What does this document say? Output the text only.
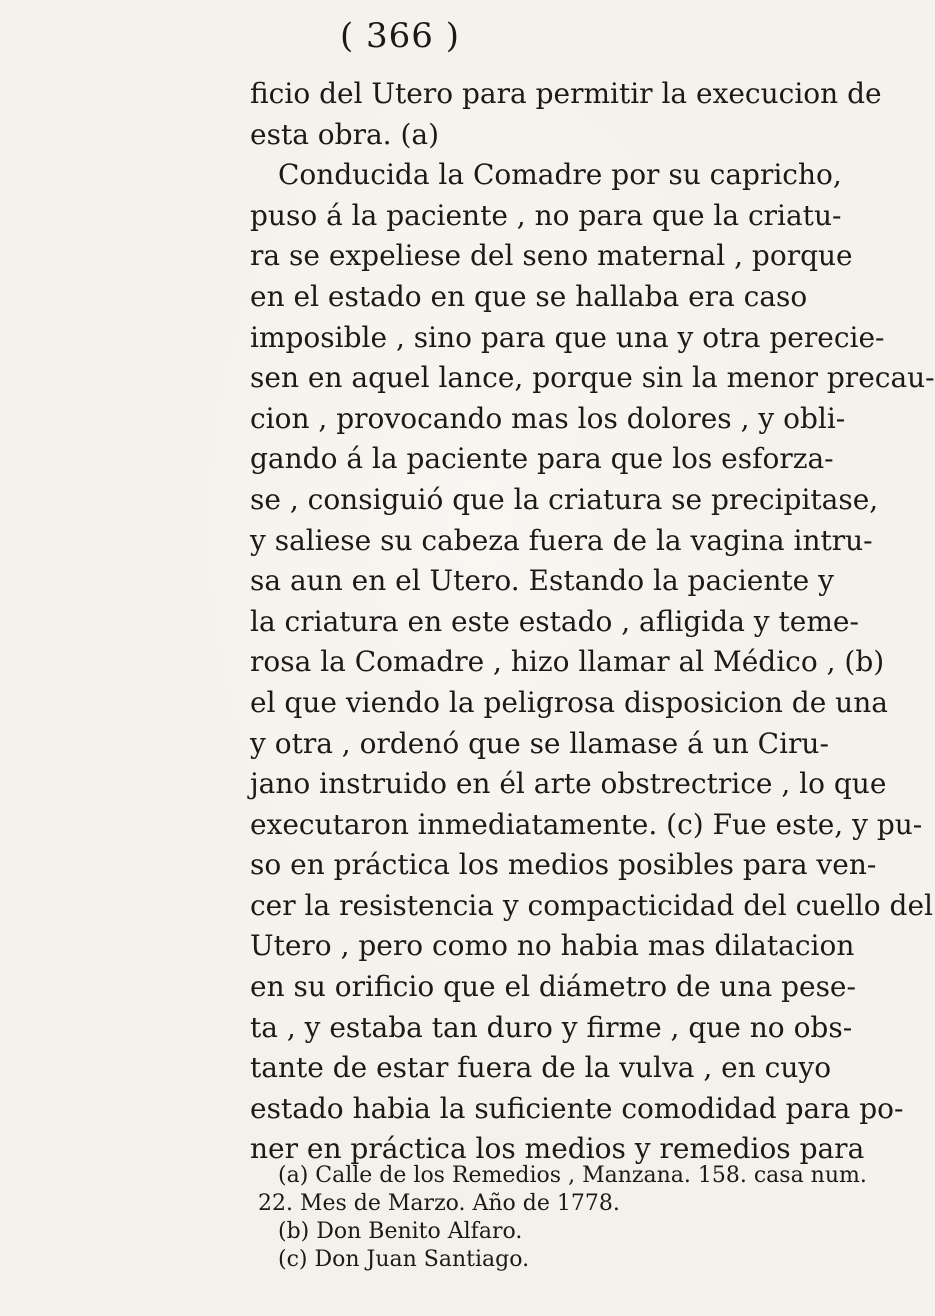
( 366 )
ficio del Utero para permitir la execucion de
esta obra. (a)
Conducida la Comadre por su capricho,
puso á la paciente , no para que la criatu-
ra se expeliese del seno maternal , porque
en el estado en que se hallaba era caso
imposible , sino para que una y otra perecie-
sen en aquel lance, porque sin la menor precau-
cion , provocando mas los dolores , y obli-
gando á la paciente para que los esforza-
se , consiguió que la criatura se precipitase,
y saliese su cabeza fuera de la vagina intru-
sa aun en el Utero. Estando la paciente y
la criatura en este estado , afligida y teme-
rosa la Comadre , hizo llamar al Médico , (b)
el que viendo la peligrosa disposicion de una
y otra , ordenó que se llamase á un Ciru-
jano instruido en él arte obstrectrice , lo que
executaron inmediatamente. (c) Fue este, y pu-
so en práctica los medios posibles para ven-
cer la resistencia y compacticidad del cuello del
Utero , pero como no habia mas dilatacion
en su orificio que el diámetro de una pese-
ta , y estaba tan duro y firme , que no obs-
tante de estar fuera de la vulva , en cuyo
estado habia la suficiente comodidad para po-
ner en práctica los medios y remedios para
(a) Calle de los Remedios , Manzana. 158. casa num.
22. Mes de Marzo. Año de 1778.
(b) Don Benito Alfaro.
(c) Don Juan Santiago.
